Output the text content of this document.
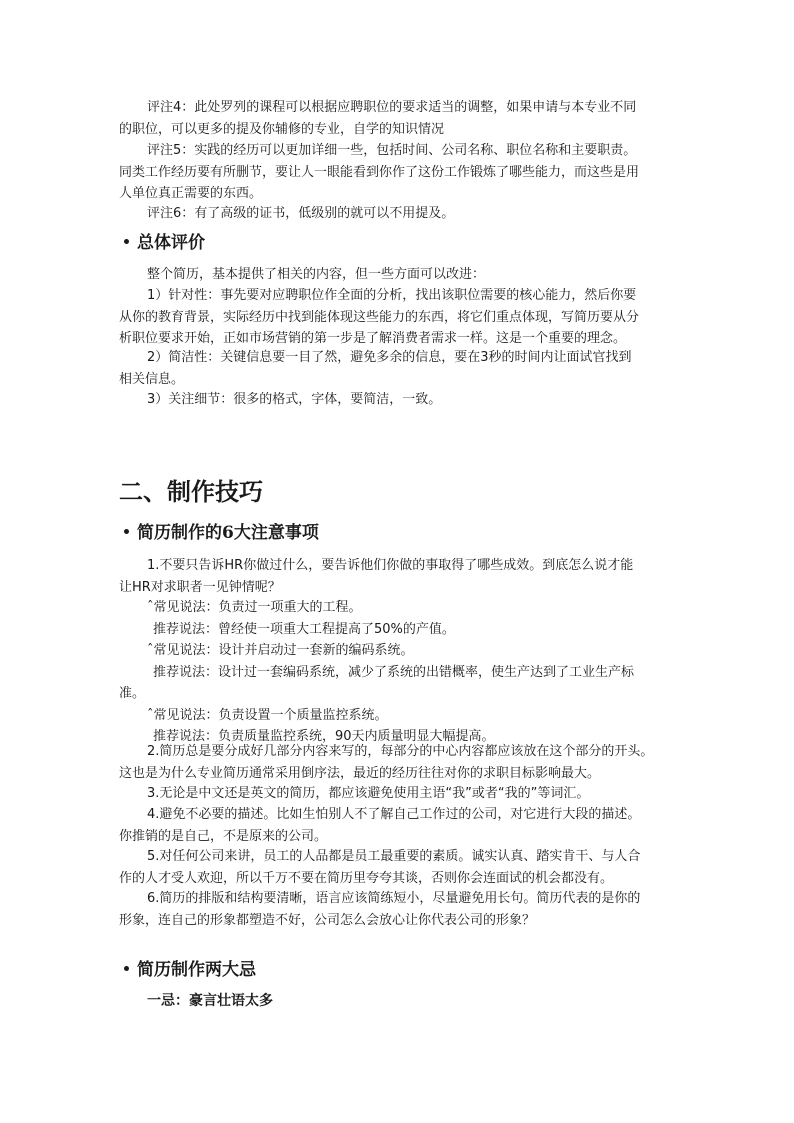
评注4：此处罗列的课程可以根据应聘职位的要求适当的调整，如果申请与本专业不同
的职位，可以更多的提及你辅修的专业，自学的知识情况
评注5：实践的经历可以更加详细一些，包括时间、公司名称、职位名称和主要职责。
同类工作经历要有所删节，要让人一眼能看到你作了这份工作锻炼了哪些能力，而这些是用
人单位真正需要的东西。
评注6：有了高级的证书，低级别的就可以不用提及。
总体评价
整个简历，基本提供了相关的内容，但一些方面可以改进：
1）针对性：事先要对应聘职位作全面的分析，找出该职位需要的核心能力，然后你要
从你的教育背景，实际经历中找到能体现这些能力的东西，将它们重点体现，写简历要从分
析职位要求开始，正如市场营销的第一步是了解消费者需求一样。这是一个重要的理念。
2）简洁性：关键信息要一目了然，避免多余的信息，要在3秒的时间内让面试官找到
相关信息。
3）关注细节：很多的格式，字体，要简洁，一致。
二、制作技巧
简历制作的6大注意事项
1.不要只告诉HR你做过什么，要告诉他们你做的事取得了哪些成效。到底怎么说才能
让HR对求职者一见钟情呢？
ˆ常见说法：负责过一项重大的工程。
推荐说法：曾经使一项重大工程提高了50%的产值。
ˆ常见说法：设计并启动过一套新的编码系统。
推荐说法：设计过一套编码系统，减少了系统的出错概率，使生产达到了工业生产标
准。
ˆ常见说法：负责设置一个质量监控系统。
推荐说法：负责质量监控系统，90天内质量明显大幅提高。
2.简历总是要分成好几部分内容来写的，每部分的中心内容都应该放在这个部分的开头。
这也是为什么专业简历通常采用倒序法，最近的经历往往对你的求职目标影响最大。
3.无论是中文还是英文的简历，都应该避免使用主语“我”或者“我的”等词汇。
4.避免不必要的描述。比如生怕别人不了解自己工作过的公司，对它进行大段的描述。
你推销的是自己，不是原来的公司。
5.对任何公司来讲，员工的人品都是员工最重要的素质。诚实认真、踏实肯干、与人合
作的人才受人欢迎，所以千万不要在简历里夸夸其谈，否则你会连面试的机会都没有。
6.简历的排版和结构要清晰，语言应该简练短小，尽量避免用长句。简历代表的是你的
形象，连自己的形象都塑造不好，公司怎么会放心让你代表公司的形象？
简历制作两大忌
一忌：豪言壮语太多
